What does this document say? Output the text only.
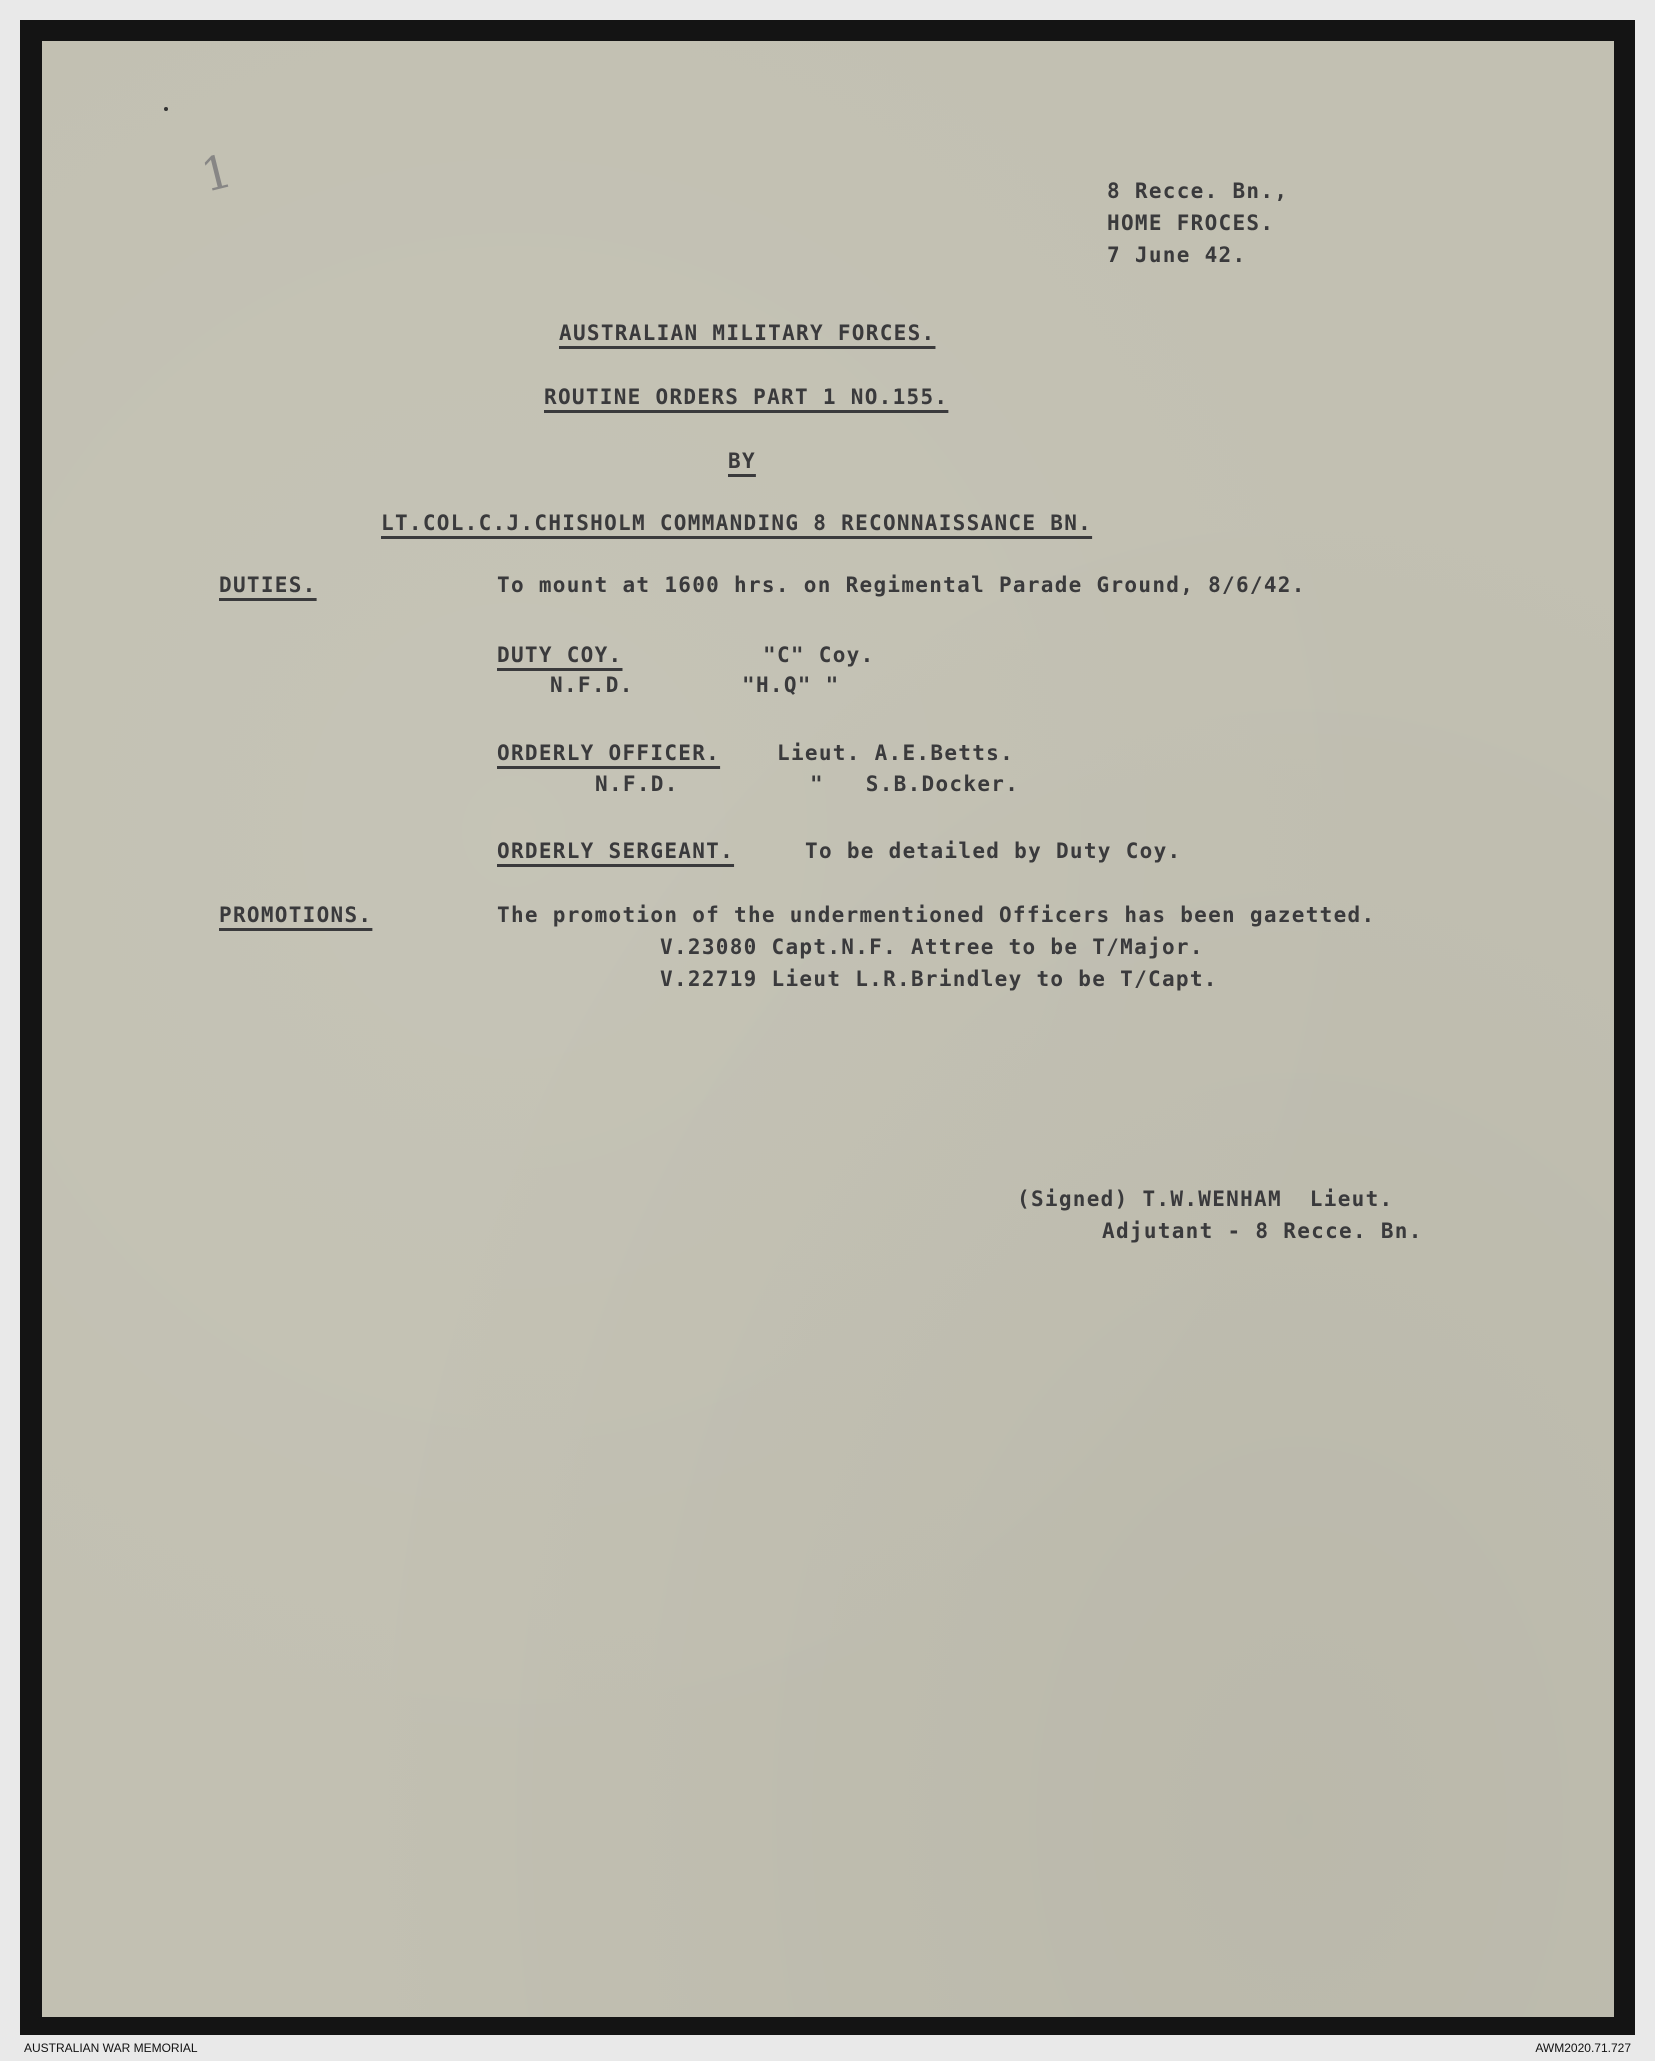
1	8 Recce. Bn.,
HOME FROCES.
7 June 42.
AUSTRALIAN MILITARY FORCES.
ROUTINE ORDERS PART 1 NO.155.
BY
LT.COL.C.J.CHISHOLM COMMANDING 8 RECONNAISSANCE BN.
DUTIES.	To mount at 1600 hrs. on Regimental Parade Ground, 8/6/42.
DUTY COY.	"C" Coy.
N.F.D.	"H.Q" "
ORDERLY OFFICER.	Lieut. A.E.Betts.
N.F.D.	"   S.B.Docker.
ORDERLY SERGEANT.	To be detailed by Duty Coy.
PROMOTIONS.	The promotion of the undermentioned Officers has been gazetted.
V.23080 Capt.N.F. Attree to be T/Major.
V.22719 Lieut L.R.Brindley to be T/Capt.
(Signed) T.W.WENHAM  Lieut.
Adjutant - 8 Recce. Bn.
AUSTRALIAN WAR MEMORIAL	AWM2020.71.727
